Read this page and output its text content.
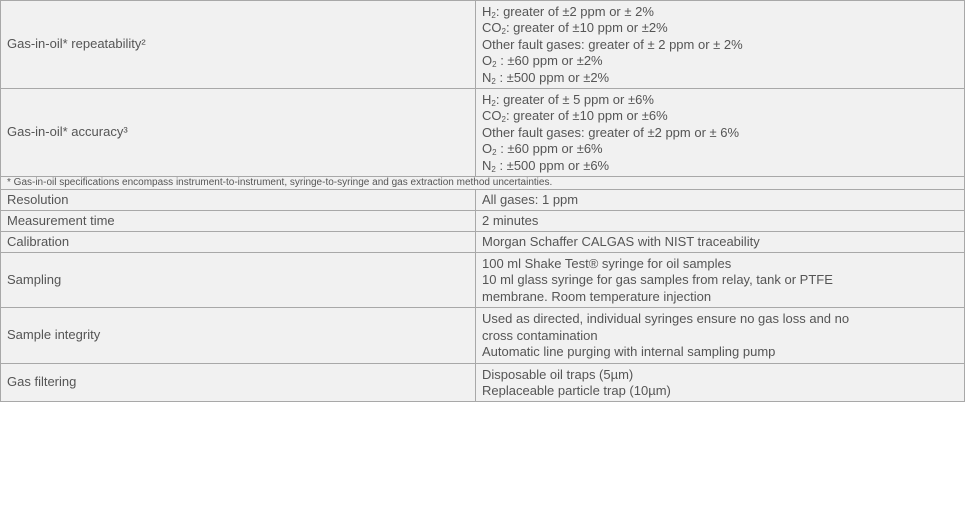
Gas-in-oil* repeatability²	$H_2$: greater of ±2 ppm or ± 2%
$CO_2$: greater of ±10 ppm or ±2%
Other fault gases: greater of ± 2 ppm or ± 2%
$O_2$ : ±60 ppm or ±2%
$N_2$ : ±500 ppm or ±2%

Gas-in-oil* accuracy³	$H_2$: greater of ± 5 ppm or ±6%
$CO_2$: greater of ±10 ppm or ±6%
Other fault gases: greater of ±2 ppm or ± 6%
$O_2$ : ±60 ppm or ±6%
$N_2$ : ±500 ppm or ±6%

* Gas-in-oil specifications encompass instrument-to-instrument, syringe-to-syringe and gas extraction method uncertainties.	
Resolution	All gases: 1 ppm

Measurement time	2 minutes

Calibration	Morgan Schaffer CALGAS with NIST traceability

Sampling	100 ml Shake Test® syringe for oil samples
10 ml glass syringe for gas samples from relay, tank or PTFE
membrane. Room temperature injection

Sample integrity	Used as directed, individual syringes ensure no gas loss and no
cross contamination
Automatic line purging with internal sampling pump

Gas filtering	Disposable oil traps (5µm)
Replaceable particle trap (10µm)
